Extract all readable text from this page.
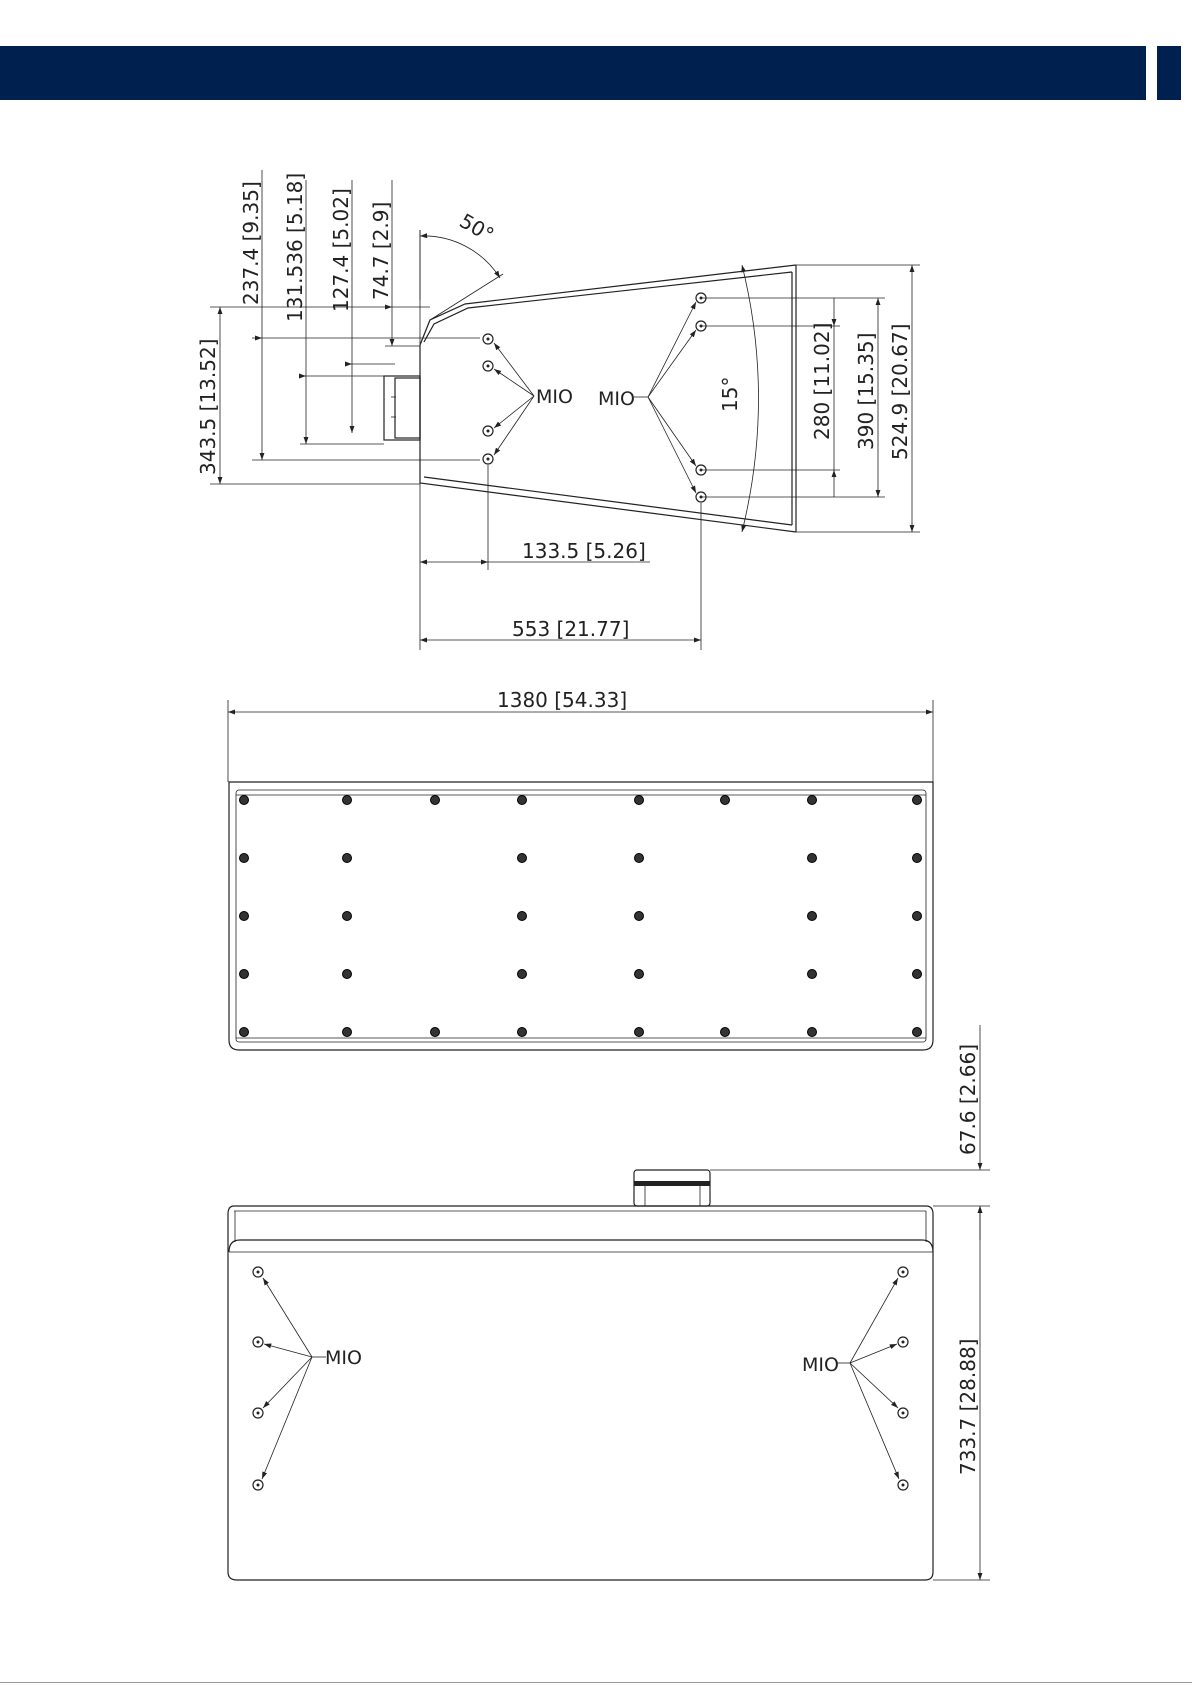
MIO MIO
237.4 [9.35] 131.536 [5.18] 127.4 [5.02] 74.7 [2.9]
343.5 [13.52]
50°
15°	280 [11.02] 390 [15.35] 524.9 [20.67]
133.5 [5.26]
553 [21.77]
1380 [54.33]
MIO	MIO
67.6 [2.66]
733.7 [28.88]
